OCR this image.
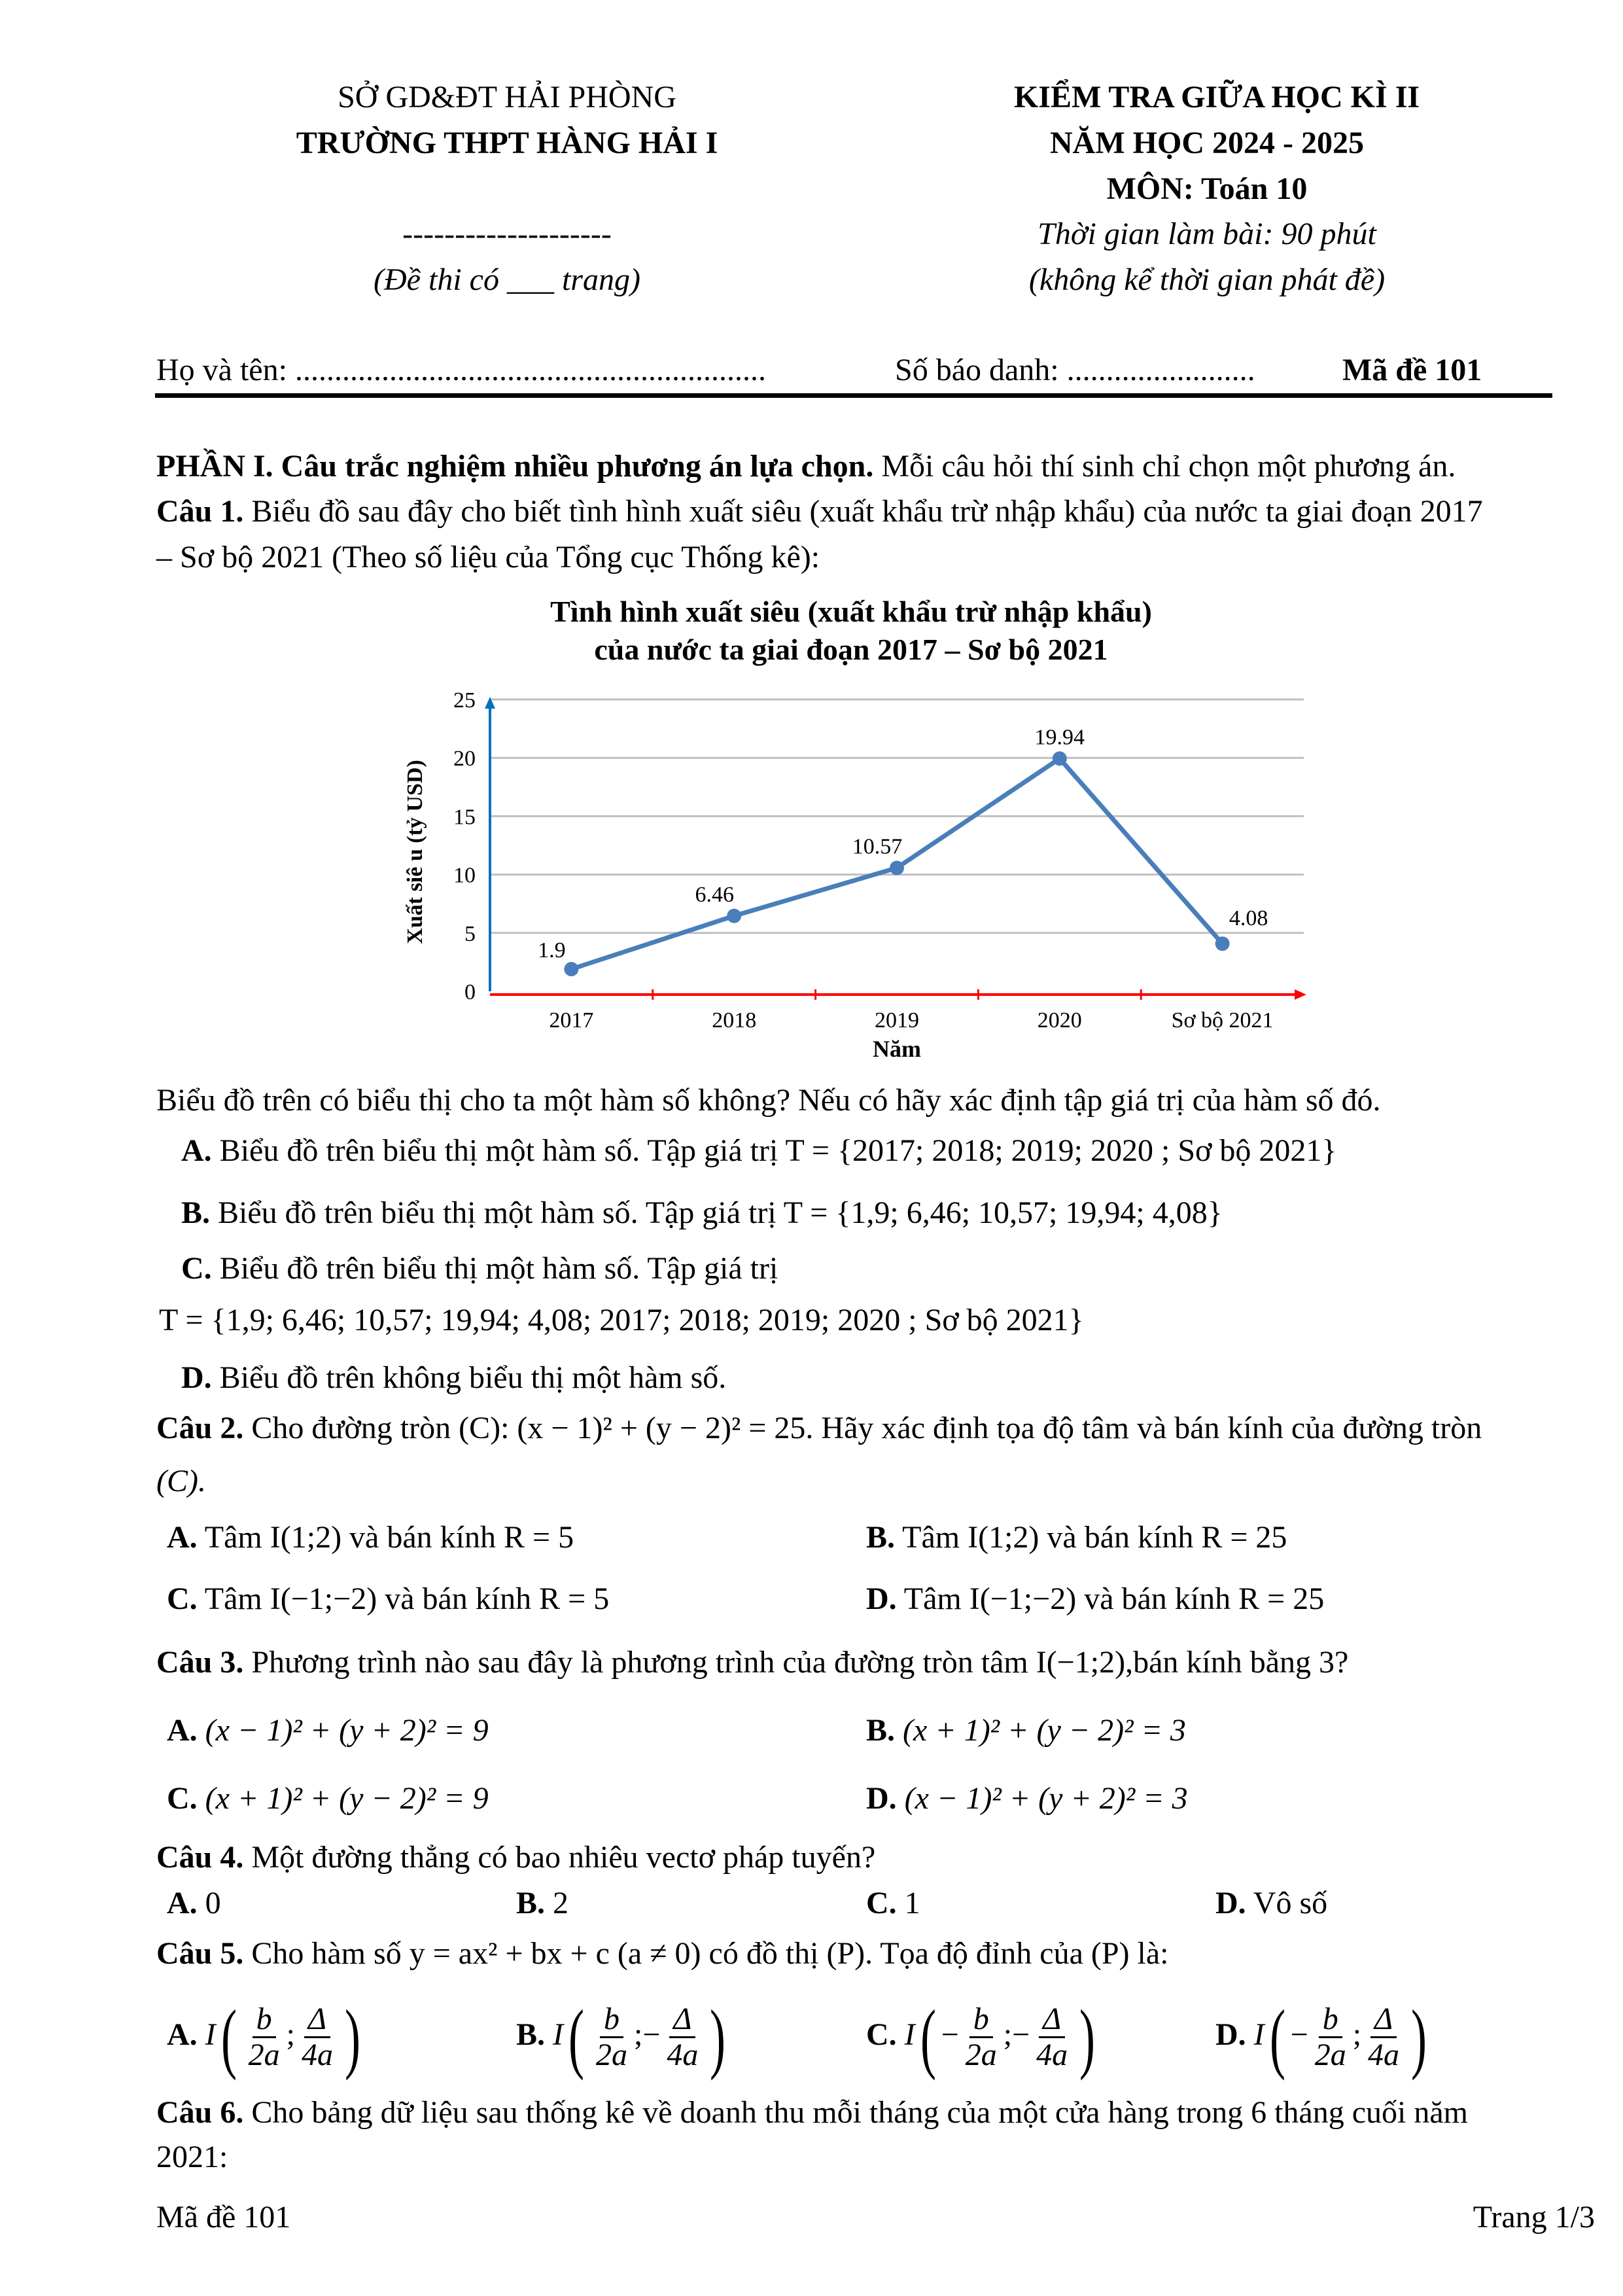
SỞ GD&ĐT HẢI PHÒNG
TRƯỜNG THPT HÀNG HẢI I
--------------------
(Đề thi có ___ trang)
KIỂM TRA GIỮA HỌC KÌ II
NĂM HỌC 2024 - 2025
MÔN: Toán 10
Thời gian làm bài: 90 phút
(không kể thời gian phát đề)
Họ và tên: ............................................................	Số báo danh: ........................	Mã đề 101
PHẦN I. Câu trắc nghiệm nhiều phương án lựa chọn. Mỗi câu hỏi thí sinh chỉ chọn một phương án.
Câu 1. Biểu đồ sau đây cho biết tình hình xuất siêu (xuất khẩu trừ nhập khẩu) của nước ta giai đoạn 2017
– Sơ bộ 2021 (Theo số liệu của Tổng cục Thống kê):
Tình hình xuất siêu (xuất khẩu trừ nhập khẩu)
của nước ta giai đoạn 2017 – Sơ bộ 2021
0
5
10
15
20
25
1.9
2017
6.46
2018
10.57
2019
19.94
2020
4.08
Sơ bộ 2021
Năm
Xuất siê u (tỷ USD)
Biểu đồ trên có biểu thị cho ta một hàm số không? Nếu có hãy xác định tập giá trị của hàm số đó.
A. Biểu đồ trên biểu thị một hàm số. Tập giá trị T = {2017; 2018; 2019; 2020 ; Sơ bộ 2021}
B. Biểu đồ trên biểu thị một hàm số. Tập giá trị T = {1,9; 6,46; 10,57; 19,94; 4,08}
C. Biểu đồ trên biểu thị một hàm số. Tập giá trị
T = {1,9; 6,46; 10,57; 19,94; 4,08; 2017; 2018; 2019; 2020 ; Sơ bộ 2021}
D. Biểu đồ trên không biểu thị một hàm số.
Câu 2. Cho đường tròn (C): (x − 1)² + (y − 2)² = 25. Hãy xác định tọa độ tâm và bán kính của đường tròn
(C).
A. Tâm I(1;2) và bán kính R = 5	B. Tâm I(1;2) và bán kính R = 25
C. Tâm I(−1;−2) và bán kính R = 5	D. Tâm I(−1;−2) và bán kính R = 25
Câu 3. Phương trình nào sau đây là phương trình của đường tròn tâm I(−1;2),bán kính bằng 3?
A. (x − 1)² + (y + 2)² = 9	B. (x + 1)² + (y − 2)² = 3
C. (x + 1)² + (y − 2)² = 9	D. (x − 1)² + (y + 2)² = 3
Câu 4. Một đường thẳng có bao nhiêu vectơ pháp tuyến?
A. 0	B. 2	C. 1	D. Vô số
Câu 5. Cho hàm số y = ax² + bx + c (a ≠ 0) có đồ thị (P). Tọa độ đỉnh của (P) là:
A. $I( \frac{b}{2a}$ ; $\frac{\Delta}{4a}$ )	B. $I( \frac{b}{2a}$ ;− $\frac{\Delta}{4a}$ )	C. $I( - \frac{b}{2a}$ ;− $\frac{\Delta}{4a}$ )	D. $I( - \frac{b}{2a}$ ; $\frac{\Delta}{4a}$ )
Câu 6. Cho bảng dữ liệu sau thống kê về doanh thu mỗi tháng của một cửa hàng trong 6 tháng cuối năm
2021:
Mã đề 101	Trang 1/3
